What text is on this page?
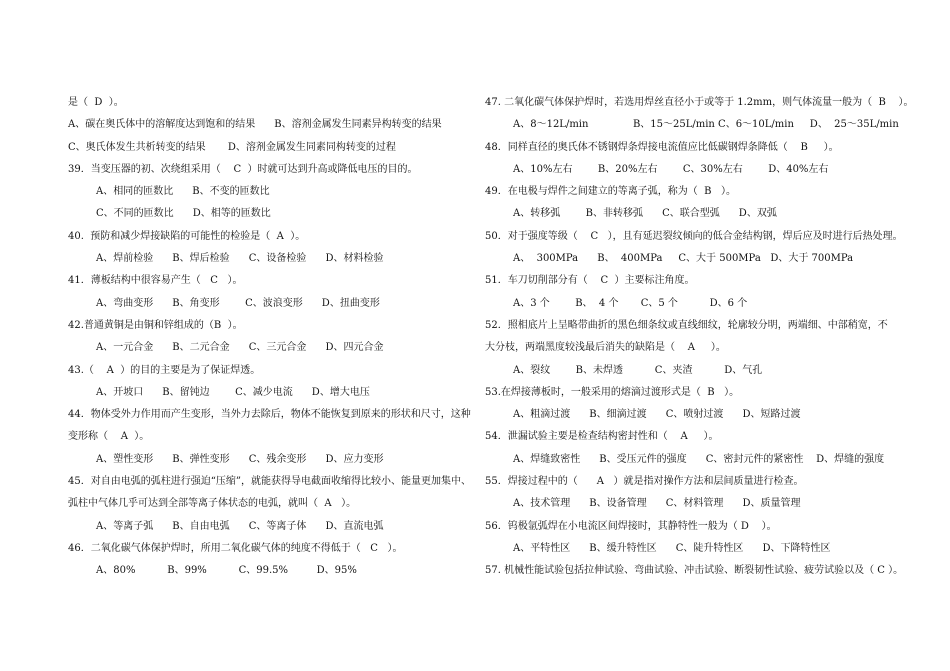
是（  D  ）。
A、碳在奥氏体中的溶解度达到饱和的结果      B、溶剂金属发生同素异构转变的结果
C、奥氏体发生共析转变的结果       D、溶剂金属发生同素同构转变的过程
39．当变压器的初、次绕组采用（    C  ）时就可达到升高或降低电压的目的。
A、相同的匝数比      B、不变的匝数比
C、不同的匝数比      D、相等的匝数比
40.  预防和减少焊接缺陷的可能性的检验是（  A  ）。
A、焊前检验      B、焊后检验      C、设备检验      D、材料检验
41．薄板结构中很容易产生（   C   ）。
A、弯曲变形      B、角变形        C、波浪变形      D、扭曲变形
42.普通黄铜是由铜和锌组成的（B  ）。
A、一元合金      B、二元合金      C、三元合金      D、四元合金
43.（    A  ）的目的主要是为了保证焊透。
A、开坡口      B、留钝边        C、减少电流      D、增大电压
44．物体受外力作用而产生变形，当外力去除后，物体不能恢复到原来的形状和尺寸，这种
变形称（    A  ）。
A、塑性变形      B、弹性变形      C、残余变形      D、应力变形
45．对自由电弧的弧柱进行强迫“压缩”，就能获得导电截面收缩得比较小、能量更加集中、
弧柱中气体几乎可达到全部等离子体状态的电弧，就叫（  A   ）。
A、等离子弧      B、自由电弧      C、等离子体      D、直流电弧
46．二氧化碳气体保护焊时，所用二氧化碳气体的纯度不得低于（   C   ）。
A、80%          B、99%          C、99.5%         D、95%
47. 二氧化碳气体保护焊时，若选用焊丝直径小于或等于 1.2mm，则气体流量一般为（  B    ）。
A、8～12L/min              B、15～25L/min C、6～10L/min     D、  25～35L/min
48．同样直径的奥氏体不锈钢焊条焊接电流值应比低碳钢焊条降低（    B     ）。
A、10%左右        B、20%左右        C、30%左右        D、40%左右
49．在电极与焊件之间建立的等离子弧，称为（  B   ）。
A、转移弧        B、非转移弧      C、联合型弧      D、双弧
50．对于强度等级（    C   ），且有延迟裂纹倾向的低合金结构钢，焊后应及时进行后热处理。
A、  300MPa      B、  400MPa     C、大于 500MPa   D、大于 700MPa
51．车刀切削部分有（    C  ）主要标注角度。
A、3 个        B、  4 个       C、5 个          D、6 个
52．照相底片上呈略带曲折的黑色细条纹或直线细纹，轮廓较分明，两端细、中部稍宽，不
大分枝，两端黑度较浅最后消失的缺陷是（    A     ）。
A、裂纹        B、未焊透          C、夹渣          D、气孔
53.在焊接薄板时，一般采用的熔滴过渡形式是（  B   ）。
A、粗滴过渡      B、细滴过渡      C、喷射过渡      D、短路过渡
54．泄漏试验主要是检查结构密封性和（    A     ）。
A、焊缝致密性      B、受压元件的强度      C、密封元件的紧密性    D、焊缝的强度
55．焊接过程中的（      A   ）就是指对操作方法和层间质量进行检查。
A、技术管理      B、设备管理      C、材料管理      D、质量管理
56．钨极氩弧焊在小电流区间焊接时，其静特性一般为（ D    ）。
A、平特性区      B、缓升特性区      C、陡升特性区      D、下降特性区
57. 机械性能试验包括拉伸试验、弯曲试验、冲击试验、断裂韧性试验、疲劳试验以及（ C ）。
